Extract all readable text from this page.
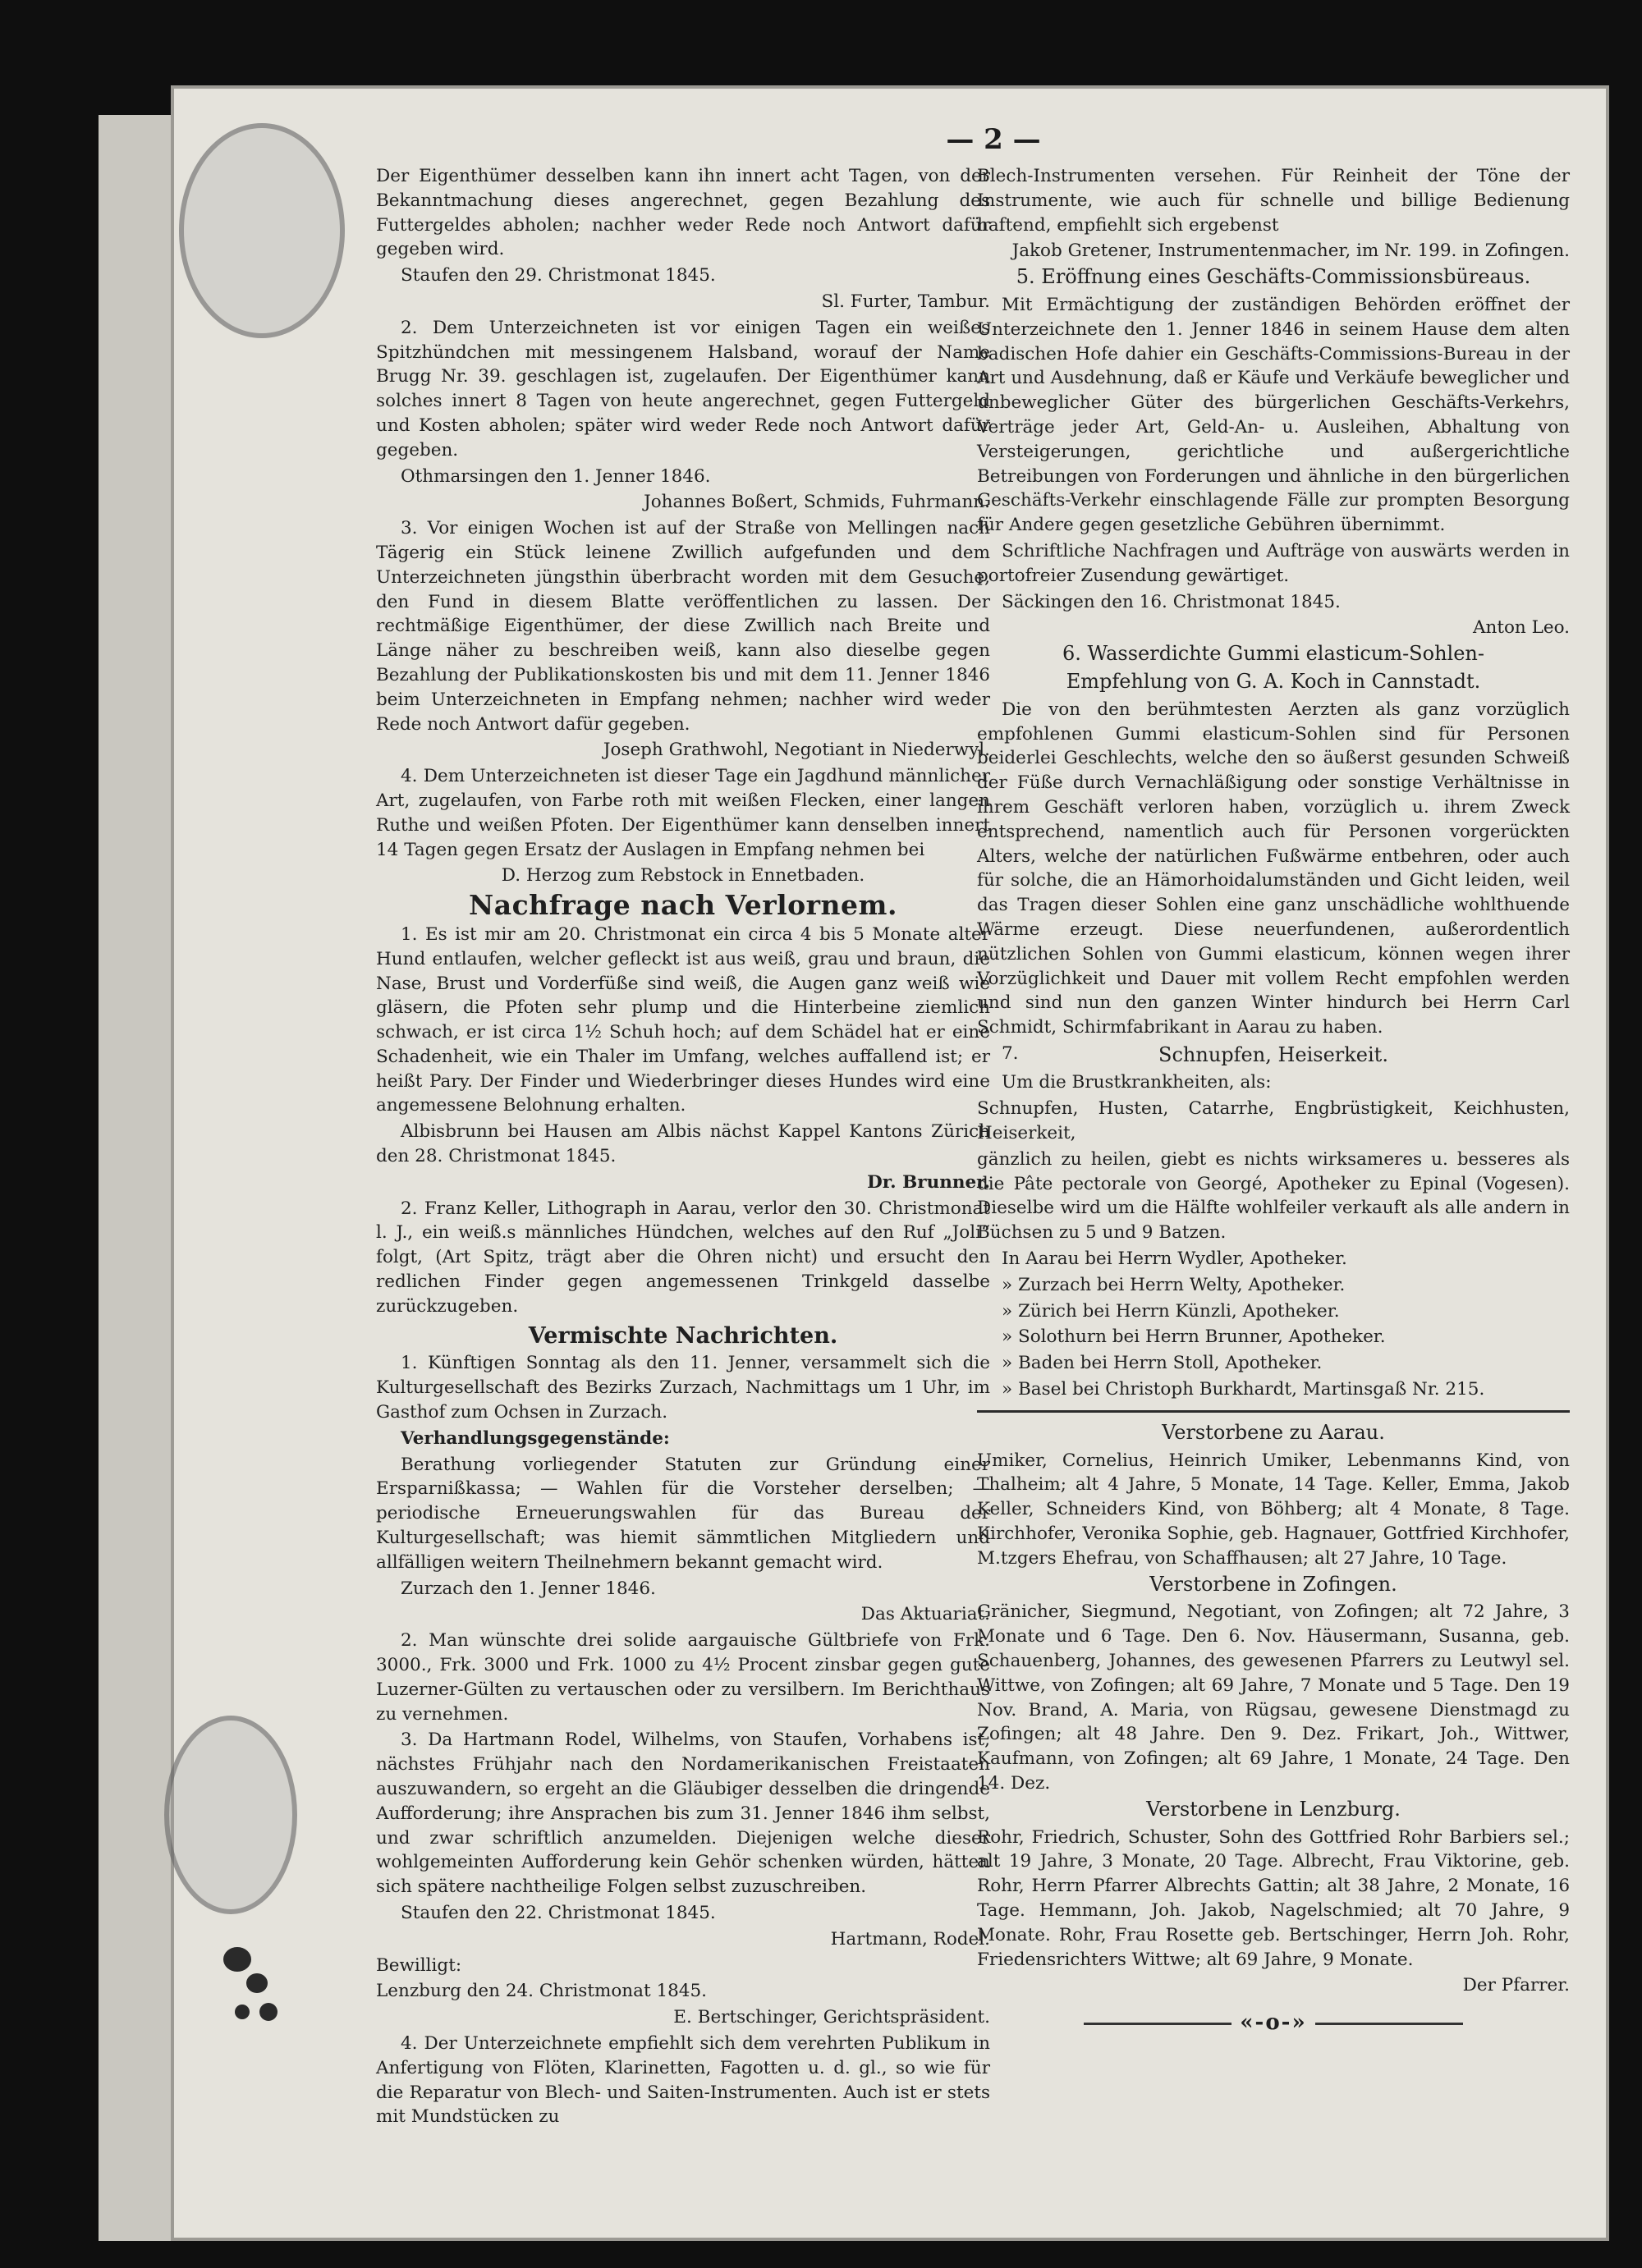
— 2 —

Der Eigenthümer desselben kann ihn innert acht Tagen, von der Bekanntmachung dieses angerechnet, gegen Bezahlung des Futtergeldes abholen; nachher weder Rede noch Antwort dafür gegeben wird.

Staufen den 29. Christmonat 1845.

Sl. Furter, Tambur.

2. Dem Unterzeichneten ist vor einigen Tagen ein weißes Spitzhündchen mit messingenem Halsband, worauf der Name Brugg Nr. 39. geschlagen ist, zugelaufen. Der Eigenthümer kann solches innert 8 Tagen von heute angerechnet, gegen Futtergeld und Kosten abholen; später wird weder Rede noch Antwort dafür gegeben.

Othmarsingen den 1. Jenner 1846.

Johannes Boßert, Schmids, Fuhrmann.

3. Vor einigen Wochen ist auf der Straße von Mellingen nach Tägerig ein Stück leinene Zwillich aufgefunden und dem Unterzeichneten jüngsthin überbracht worden mit dem Gesuche, den Fund in diesem Blatte veröffentlichen zu lassen. Der rechtmäßige Eigenthümer, der diese Zwillich nach Breite und Länge näher zu beschreiben weiß, kann also dieselbe gegen Bezahlung der Publikationskosten bis und mit dem 11. Jenner 1846 beim Unterzeichneten in Empfang nehmen; nachher wird weder Rede noch Antwort dafür gegeben.

Joseph Grathwohl, Negotiant in Niederwyl.

4. Dem Unterzeichneten ist dieser Tage ein Jagdhund männlicher Art, zugelaufen, von Farbe roth mit weißen Flecken, einer langen Ruthe und weißen Pfoten. Der Eigenthümer kann denselben innert 14 Tagen gegen Ersatz der Auslagen in Empfang nehmen bei

D. Herzog zum Rebstock in Ennetbaden.
Nachfrage nach Verlornem.

1. Es ist mir am 20. Christmonat ein circa 4 bis 5 Monate alter Hund entlaufen, welcher gefleckt ist aus weiß, grau und braun, die Nase, Brust und Vorderfüße sind weiß, die Augen ganz weiß wie gläsern, die Pfoten sehr plump und die Hinterbeine ziemlich schwach, er ist circa 1½ Schuh hoch; auf dem Schädel hat er eine Schadenheit, wie ein Thaler im Umfang, welches auffallend ist; er heißt Pary. Der Finder und Wiederbringer dieses Hundes wird eine angemessene Belohnung erhalten.

Albisbrunn bei Hausen am Albis nächst Kappel Kantons Zürich den 28. Christmonat 1845.

Dr. Brunner.

2. Franz Keller, Lithograph in Aarau, verlor den 30. Christmonat l. J., ein weiß.s männliches Hündchen, welches auf den Ruf „Joli“ folgt, (Art Spitz, trägt aber die Ohren nicht) und ersucht den redlichen Finder gegen angemessenen Trinkgeld dasselbe zurückzugeben.

Vermischte Nachrichten.

1. Künftigen Sonntag als den 11. Jenner, versammelt sich die Kulturgesellschaft des Bezirks Zurzach, Nachmittags um 1 Uhr, im Gasthof zum Ochsen in Zurzach.

Verhandlungsgegenstände:

Berathung vorliegender Statuten zur Gründung einer Ersparnißkassa; — Wahlen für die Vorsteher derselben; — periodische Erneuerungswahlen für das Bureau der Kulturgesellschaft; was hiemit sämmtlichen Mitgliedern und allfälligen weitern Theilnehmern bekannt gemacht wird.

Zurzach den 1. Jenner 1846.

Das Aktuariat.

2. Man wünschte drei solide aargauische Gültbriefe von Frk. 3000., Frk. 3000 und Frk. 1000 zu 4½ Procent zinsbar gegen gute Luzerner-Gülten zu vertauschen oder zu versilbern. Im Berichthaus zu vernehmen.

3. Da Hartmann Rodel, Wilhelms, von Staufen, Vorhabens ist, nächstes Frühjahr nach den Nordamerikanischen Freistaaten auszuwandern, so ergeht an die Gläubiger desselben die dringende Aufforderung; ihre Ansprachen bis zum 31. Jenner 1846 ihm selbst, und zwar schriftlich anzumelden. Diejenigen welche dieser wohlgemeinten Aufforderung kein Gehör schenken würden, hätten sich spätere nachtheilige Folgen selbst zuzuschreiben.

Staufen den 22. Christmonat 1845.

Hartmann, Rodel.

Bewilligt:

Lenzburg den 24. Christmonat 1845.

E. Bertschinger, Gerichtspräsident.

4. Der Unterzeichnete empfiehlt sich dem verehrten Publikum in Anfertigung von Flöten, Klarinetten, Fagotten u. d. gl., so wie für die Reparatur von Blech- und Saiten-Instrumenten. Auch ist er stets mit Mundstücken zu

Blech-Instrumenten versehen. Für Reinheit der Töne der Instrumente, wie auch für schnelle und billige Bedienung haftend, empfiehlt sich ergebenst

Jakob Gretener, Instrumentenmacher, im Nr. 199. in Zofingen.
5. Eröffnung eines Geschäfts-Commissionsbüreaus.

Mit Ermächtigung der zuständigen Behörden eröffnet der Unterzeichnete den 1. Jenner 1846 in seinem Hause dem alten badischen Hofe dahier ein Geschäfts-Commissions-Bureau in der Art und Ausdehnung, daß er Käufe und Verkäufe beweglicher und unbeweglicher Güter des bürgerlichen Geschäfts-Verkehrs, Verträge jeder Art, Geld-An- u. Ausleihen, Abhaltung von Versteigerungen, gerichtliche und außergerichtliche Betreibungen von Forderungen und ähnliche in den bürgerlichen Geschäfts-Verkehr einschlagende Fälle zur prompten Besorgung für Andere gegen gesetzliche Gebühren übernimmt.

Schriftliche Nachfragen und Aufträge von auswärts werden in portofreier Zusendung gewärtiget.

Säckingen den 16. Christmonat 1845.

Anton Leo.
6. Wasserdichte Gummi elasticum-Sohlen-
Empfehlung von G. A. Koch in Cannstadt.

Die von den berühmtesten Aerzten als ganz vorzüglich empfohlenen Gummi elasticum-Sohlen sind für Personen beiderlei Geschlechts, welche den so äußerst gesunden Schweiß der Füße durch Vernachläßigung oder sonstige Verhältnisse in ihrem Geschäft verloren haben, vorzüglich u. ihrem Zweck entsprechend, namentlich auch für Personen vorgerückten Alters, welche der natürlichen Fußwärme entbehren, oder auch für solche, die an Hämorhoidalumständen und Gicht leiden, weil das Tragen dieser Sohlen eine ganz unschädliche wohlthuende Wärme erzeugt. Diese neuerfundenen, außerordentlich nützlichen Sohlen von Gummi elasticum, können wegen ihrer Vorzüglichkeit und Dauer mit vollem Recht empfohlen werden und sind nun den ganzen Winter hindurch bei Herrn Carl Schmidt, Schirmfabrikant in Aarau zu haben.

7.	Schnupfen, Heiserkeit.

Um die Brustkrankheiten, als:

Schnupfen, Husten, Catarrhe, Engbrüstigkeit, Keichhusten, Heiserkeit,

gänzlich zu heilen, giebt es nichts wirksameres u. besseres als die Pâte pectorale von Georgé, Apotheker zu Epinal (Vogesen). Dieselbe wird um die Hälfte wohlfeiler verkauft als alle andern in Büchsen zu 5 und 9 Batzen.

In Aarau bei Herrn Wydler, Apotheker.

» Zurzach bei Herrn Welty, Apotheker.

» Zürich bei Herrn Künzli, Apotheker.

» Solothurn bei Herrn Brunner, Apotheker.

» Baden bei Herrn Stoll, Apotheker.

» Basel bei Christoph Burkhardt, Martinsgaß Nr. 215.

Verstorbene zu Aarau.

Umiker, Cornelius, Heinrich Umiker, Lebenmanns Kind, von Thalheim; alt 4 Jahre, 5 Monate, 14 Tage. Keller, Emma, Jakob Keller, Schneiders Kind, von Böhberg; alt 4 Monate, 8 Tage. Kirchhofer, Veronika Sophie, geb. Hagnauer, Gottfried Kirchhofer, M.tzgers Ehefrau, von Schaffhausen; alt 27 Jahre, 10 Tage.

Verstorbene in Zofingen.

Gränicher, Siegmund, Negotiant, von Zofingen; alt 72 Jahre, 3 Monate und 6 Tage. Den 6. Nov. Häusermann, Susanna, geb. Schauenberg, Johannes, des gewesenen Pfarrers zu Leutwyl sel. Wittwe, von Zofingen; alt 69 Jahre, 7 Monate und 5 Tage. Den 19 Nov. Brand, A. Maria, von Rügsau, gewesene Dienstmagd zu Zofingen; alt 48 Jahre. Den 9. Dez. Frikart, Joh., Wittwer, Kaufmann, von Zofingen; alt 69 Jahre, 1 Monate, 24 Tage. Den 14. Dez.

Verstorbene in Lenzburg.

Rohr, Friedrich, Schuster, Sohn des Gottfried Rohr Barbiers sel.; alt 19 Jahre, 3 Monate, 20 Tage. Albrecht, Frau Viktorine, geb. Rohr, Herrn Pfarrer Albrechts Gattin; alt 38 Jahre, 2 Monate, 16 Tage. Hemmann, Joh. Jakob, Nagelschmied; alt 70 Jahre, 9 Monate. Rohr, Frau Rosette geb. Bertschinger, Herrn Joh. Rohr, Friedensrichters Wittwe; alt 69 Jahre, 9 Monate.

Der Pfarrer.
«-o-»
